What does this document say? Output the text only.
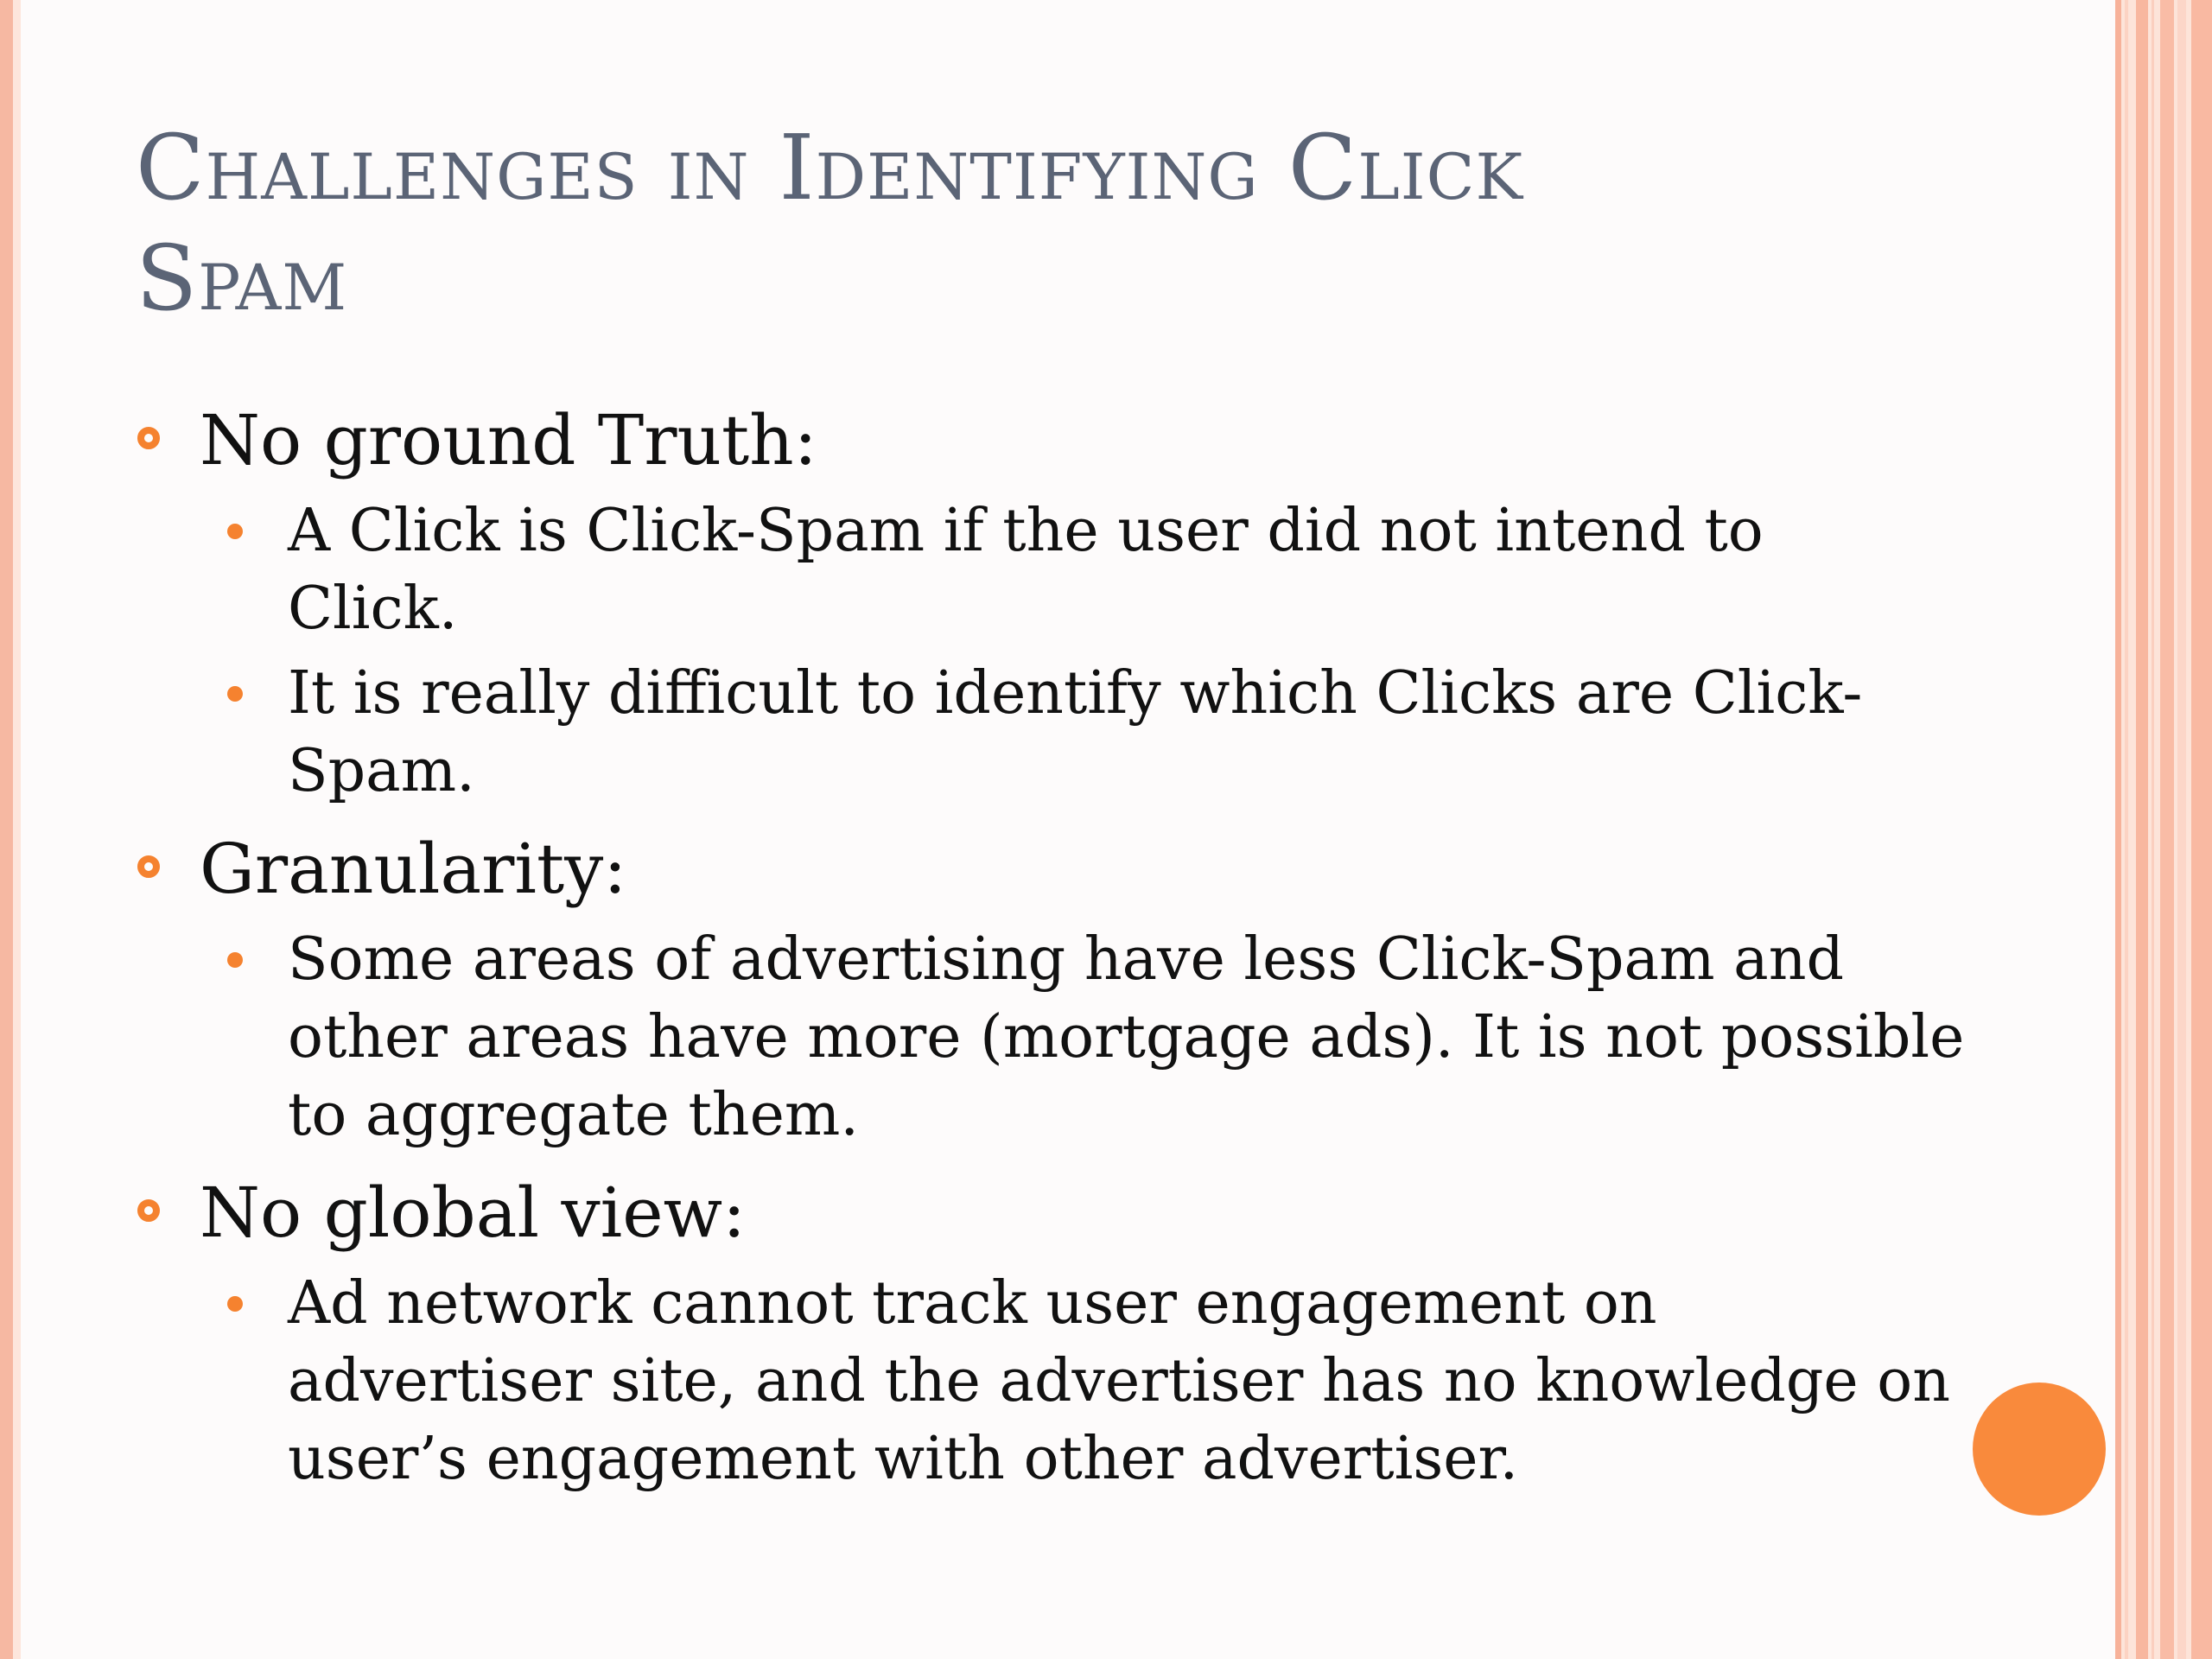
Challenges in Identifying Click
Spam
No ground Truth:
A Click is Click-Spam if the user did not intend to Click.
It is really difficult to identify which Clicks are Click-Spam.
Granularity:
Some areas of advertising have less Click-Spam and other areas have more (mortgage ads). It is not possible to aggregate them.
No global view:
Ad network cannot track user engagement on advertiser site, and the advertiser has no knowledge on user’s engagement with other advertiser.
